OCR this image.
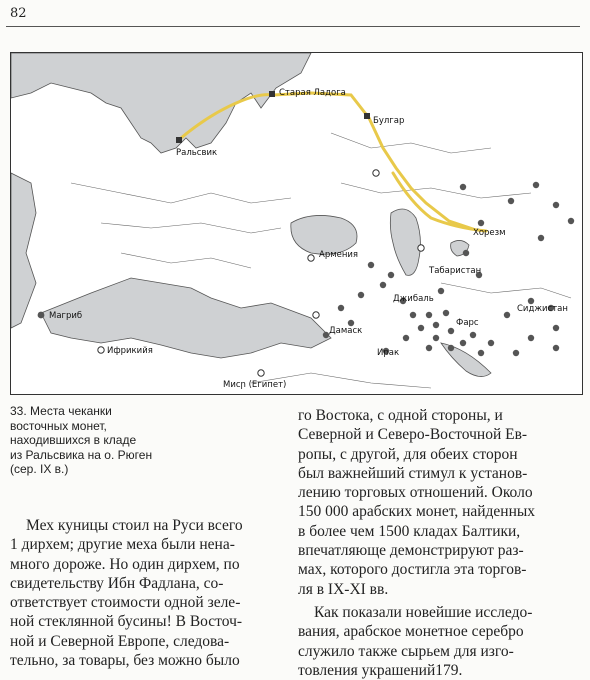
82
Старая Ладога
Ральсвик
Булгар
Хорезм
Армения
Табаристан
Магриб
Джибаль
Фарс
Сиджистан
Дамаск
Ифрикийя	Ирак
Мисր (Египет)
33. Места чеканки
восточных монет,
находившихся в кладе
из Ральсвика на о. Рюген
(сер. IX в.)
Мех куницы стоил на Руси всего
1 дирхем; другие меха были нена-
много дороже. Но один дирхем, по
свидетельству Ибн Фадлана, со-
ответствует стоимости одной зеле-
ной стеклянной бусины! В Восточ-
ной и Северной Европе, следова-
тельно, за товары, без можно было
го Востока, с одной стороны, и
Северной и Северо-Восточной Ев-
ропы, с другой, для обеих сторон
был важнейший стимул к установ-
лению торговых отношений. Около
150 000 арабских монет, найденных
в более чем 1500 кладах Балтики,
впечатляюще демонстрируют раз-
мах, которого достигла эта торгов-
ля в IX-XI вв.
Как показали новейшие исследо-
вания, арабское монетное серебро
служило также сырьем для изго-
товления украшений179.
